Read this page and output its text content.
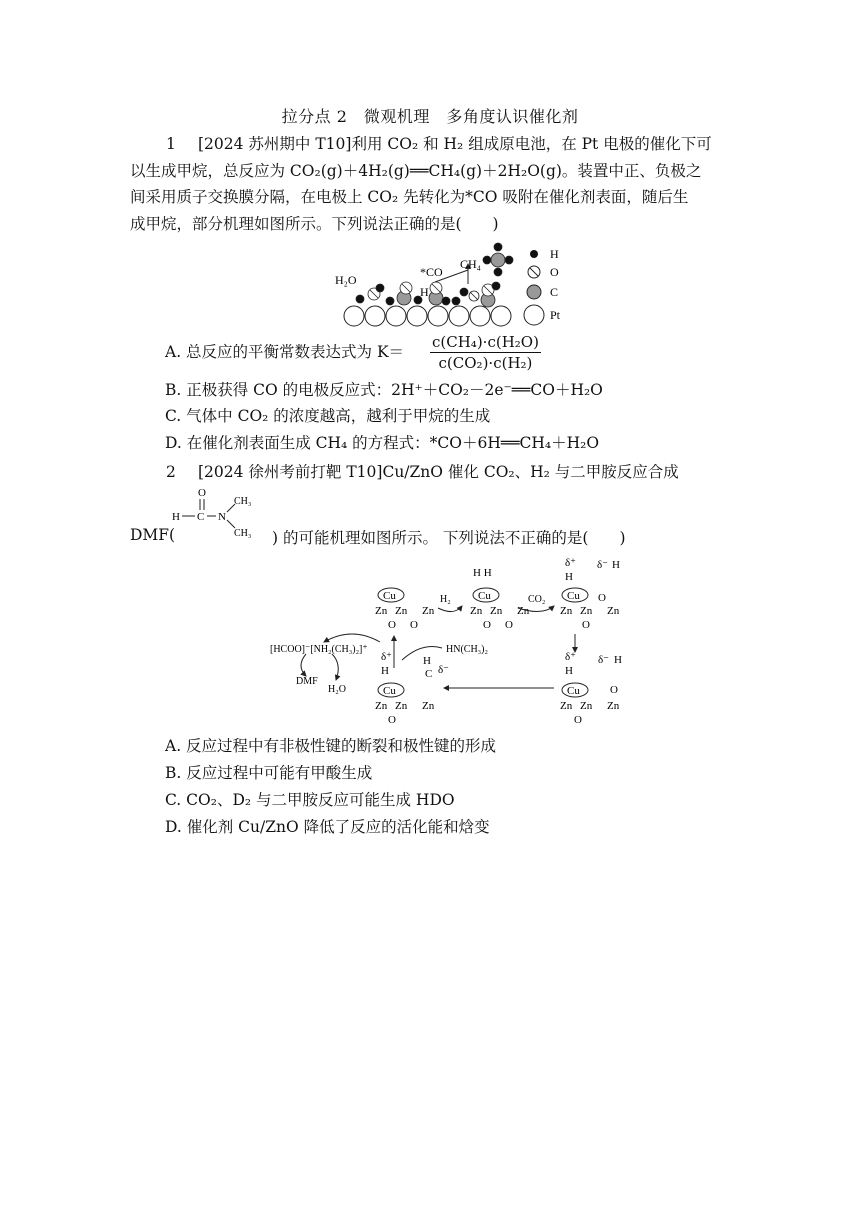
拉分点 2　微观机理　多角度认识催化剂
1 [2024 苏州期中 T10]利用 CO₂ 和 H₂ 组成原电池，在 Pt 电极的催化下可
以生成甲烷，总反应为 CO₂(g)＋4H₂(g)══CH₄(g)＋2H₂O(g)。装置中正、负极之
间采用质子交换膜分隔，在电极上 CO₂ 先转化为*CO 吸附在催化剂表面，随后生
成甲烷，部分机理如图所示。下列说法正确的是(　　)
H₂O
*CO
CH₄
H
H
O
C
Pt
A. 总反应的平衡常数表达式为 $K= \frac{\text{c(CH₄)·c(H₂O)}}{\text{c(CO₂)·c(H₂)}}$
B. 正极获得 CO 的电极反应式：2H⁺＋CO₂－2e⁻══CO＋H₂O
C. 气体中 CO₂ 的浓度越高，越利于甲烷的生成
D. 在催化剂表面生成 CH₄ 的方程式：*CO＋6H══CH₄＋H₂O
2 [2024 徐州考前打靶 T10]Cu/ZnO 催化 CO₂、H₂ 与二甲胺反应合成
DMF(
O
H C N
CH₃
CH₃ ) 的可能机理如图所示。 下列说法不正确的是(　　)
Cu
Zn Zn Zn
O O
Cu
H H
Zn Zn Zn
O O
Cu
δ⁺
H
Zn Zn Zn
O
δ⁻ H
O
Cu
δ⁺
H
Zn Zn Zn
O
δ⁻ H
O
Cu
δ⁺
H
Zn Zn Zn
O
H
C δ⁻
H₂	CO₂
[HCOO]⁻[NH₂(CH₃)₂]⁺	HN(CH₃)₂
DMF
H₂O
A. 反应过程中有非极性键的断裂和极性键的形成
B. 反应过程中可能有甲酸生成
C. CO₂、D₂ 与二甲胺反应可能生成 HDO
D. 催化剂 Cu/ZnO 降低了反应的活化能和焓变
